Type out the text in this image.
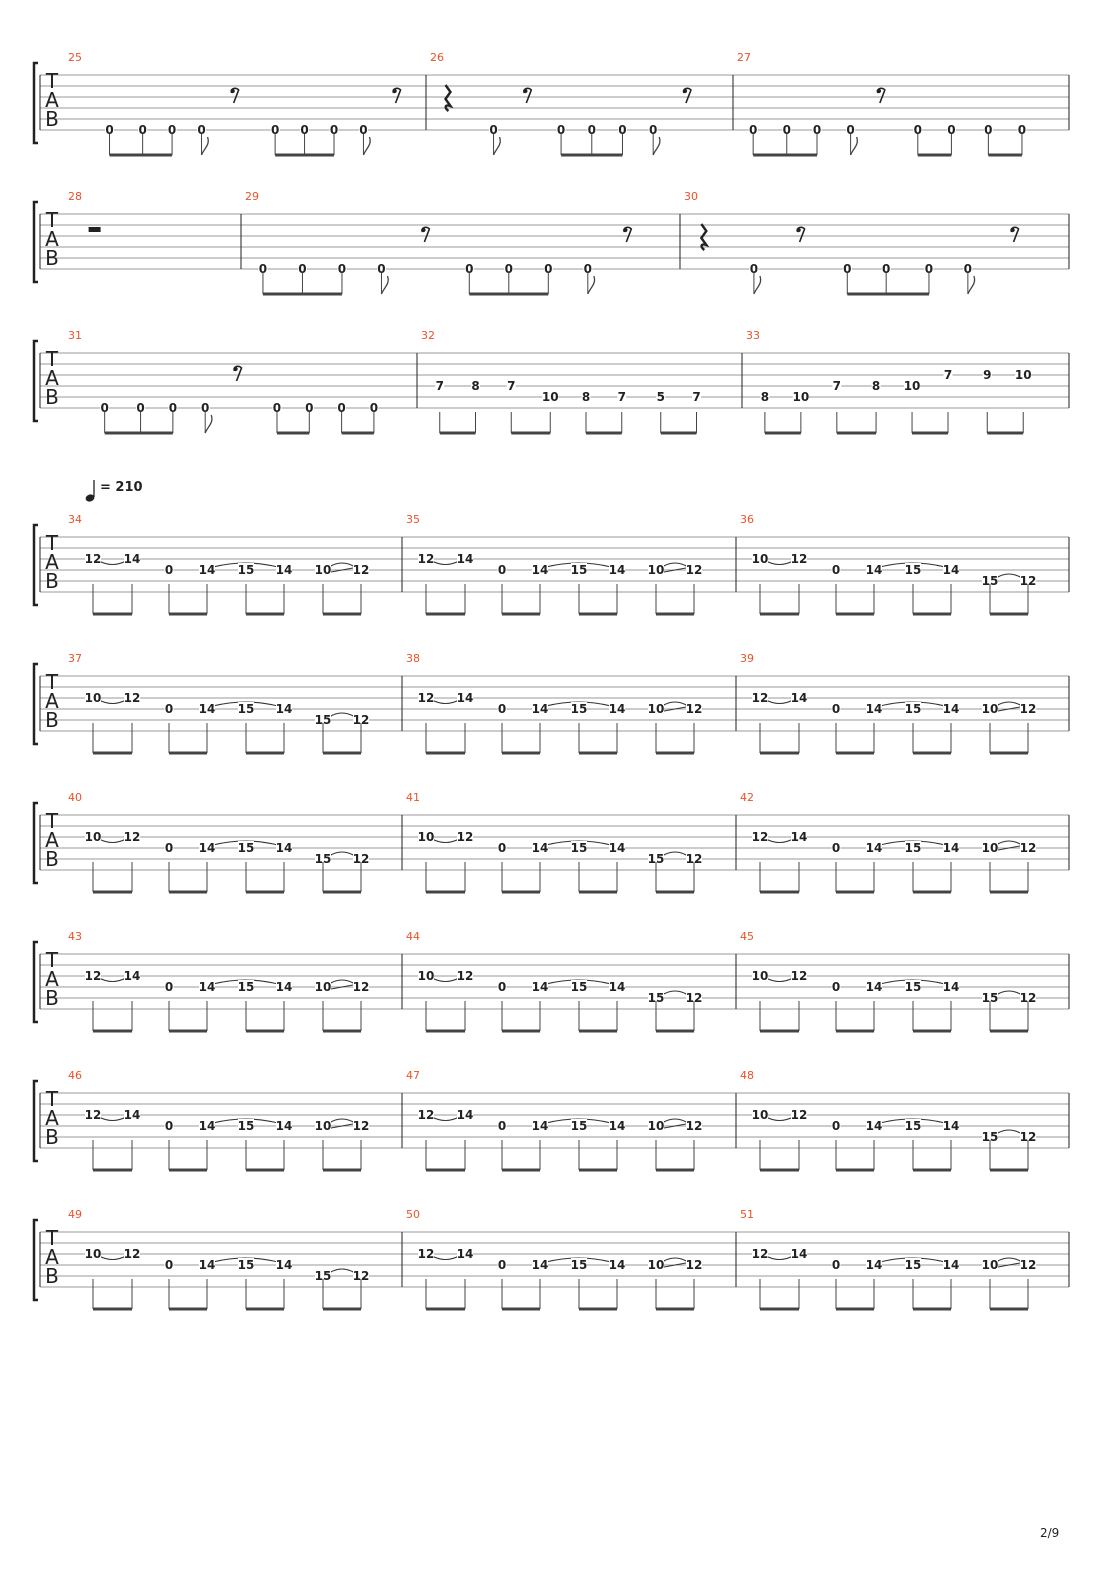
T
A
B
25
0 0 0 0	0 0 0 0
26
0	0 0 0 0
27
0 0 0 0	0 0 0 0
T
A
B
28	29
0	0	0	0	0	0	0	0
30
0	0	0	0	0
T
A
B
31
0 0 0 0	0 0 0 0
32
7 8 7
10 8 7	5 7
33
8 10
7	8 10
7	9 10
= 210
T
A
B
34
12 14
0 14 15 14 10 12
35
12 14
0 14 15 14 10 12
36
10 12
0 14 15 14
15 12
T
A
B
37
10 12
0 14 15 14
15 12
38
12 14
0 14 15 14 10 12
39
12 14
0 14 15 14 10 12
T
A
B
40
10 12
0 14 15 14
15 12
41
10 12
0 14 15 14
15 12
42
12 14
0 14 15 14 10 12
T
A
B
43
12 14
0 14 15 14 10 12
44
10 12
0 14 15 14
15 12
45
10 12
0 14 15 14
15 12
T
A
B
46
12 14
0 14 15 14 10 12
47
12 14
0 14 15 14 10 12
48
10 12
0 14 15 14
15 12
T
A
B
49
10 12
0 14 15 14
15 12
50
12 14
0 14 15 14 10 12
51
12 14
0 14 15 14 10 12
2/9
